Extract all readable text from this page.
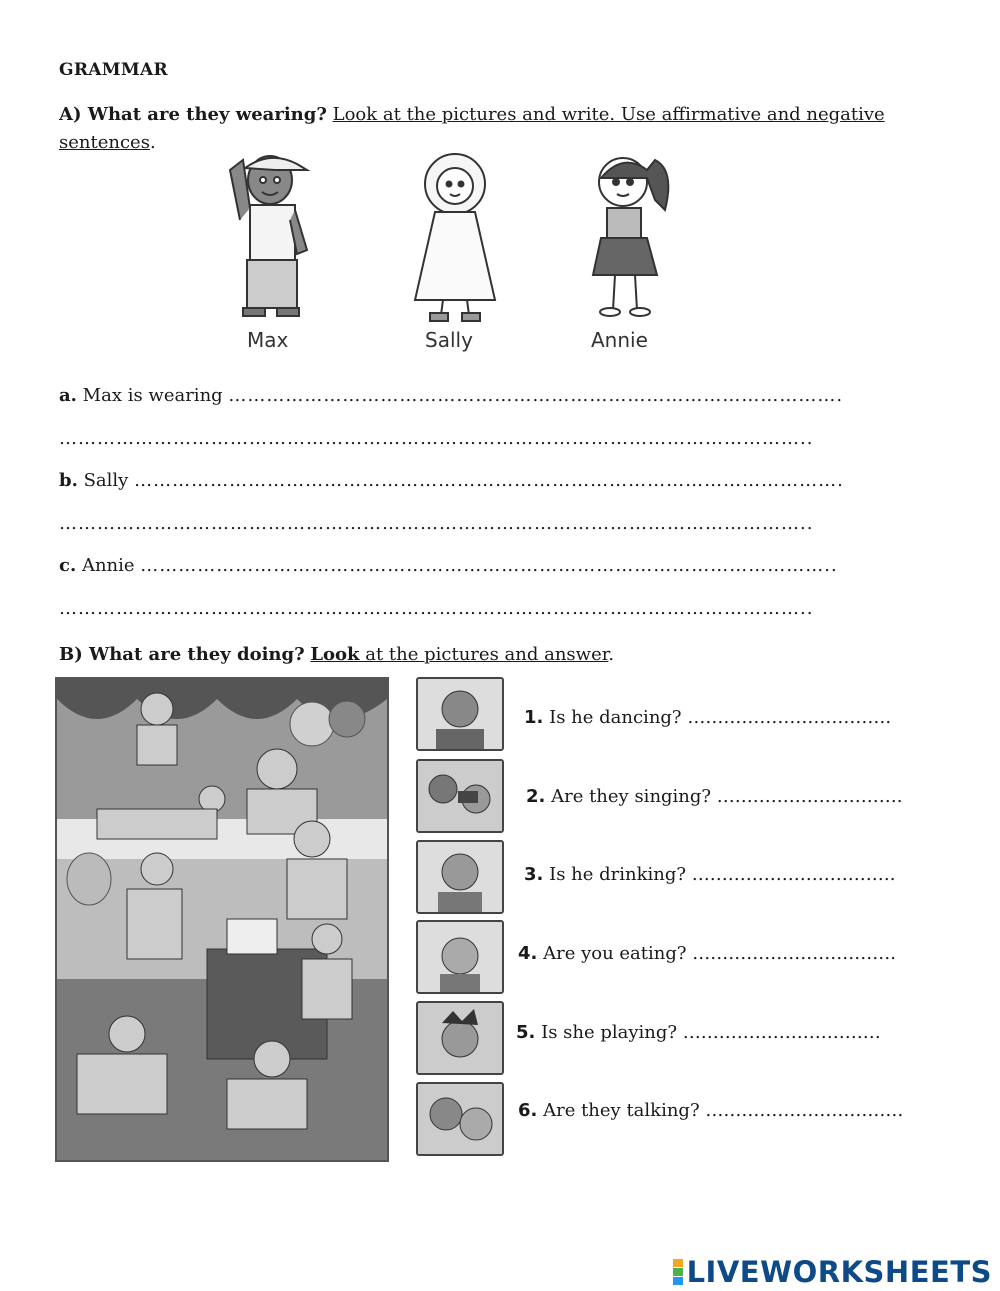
GRAMMAR
A) What are they wearing? Look at the pictures and write. Use affirmative and negative sentences.
Max	Sally	Annie
a. Max is wearing …………………………………………………………………………………….
………………………………………………………………………………………………………..
b. Sally ………………………………………………………………………………………………….
………………………………………………………………………………………………………..
c. Annie ………………………………………………………………………………………………..
………………………………………………………………………………………………………..
B) What are they doing? Look at the pictures and answer.
1. Is he dancing? …………………………….
2. Are they singing? ………………………….
3. Is he drinking? …………………………….
4. Are you eating? …………………………….
5. Is she playing? ……………………………
6. Are they talking? ……………………………
LIVEWORKSHEETS
